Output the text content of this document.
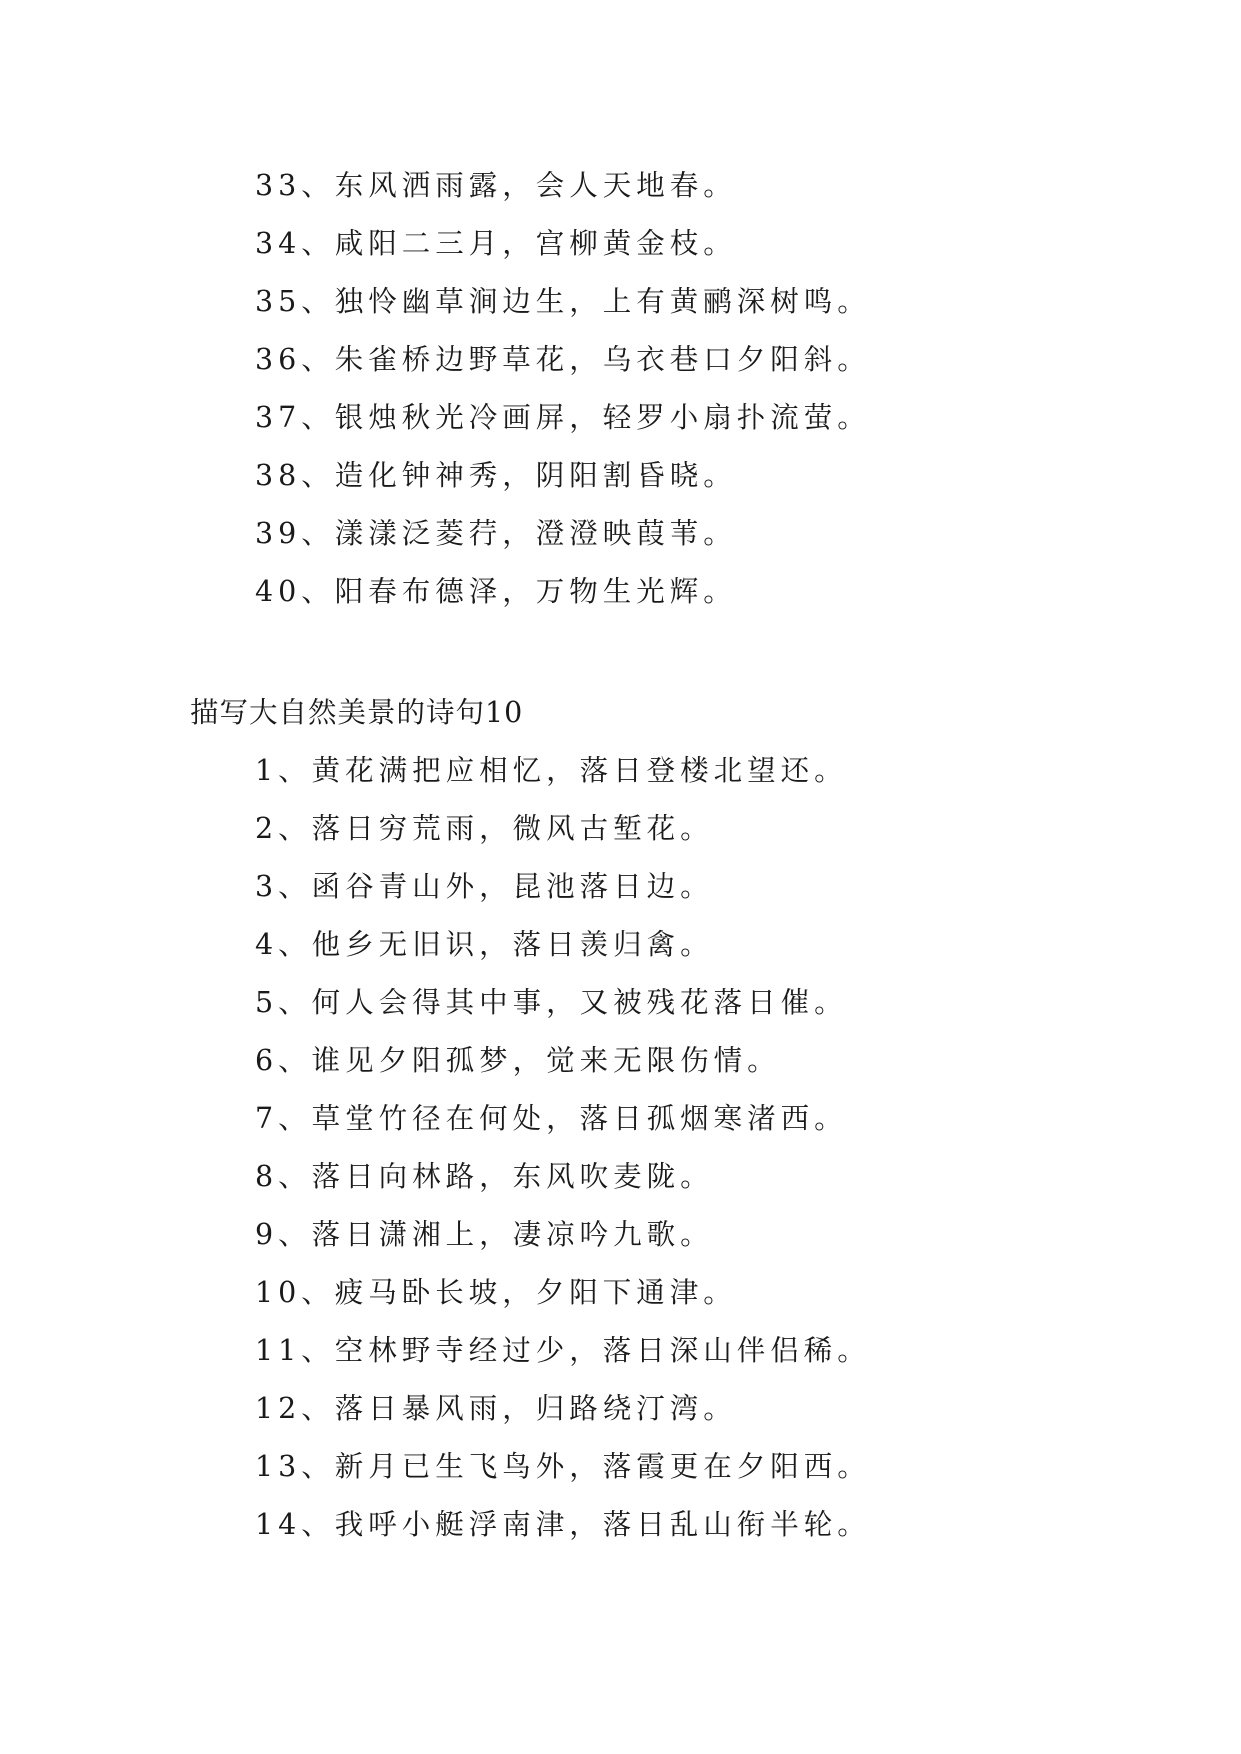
33、东风洒雨露，会人天地春。
34、咸阳二三月，宫柳黄金枝。
35、独怜幽草涧边生，上有黄鹂深树鸣。
36、朱雀桥边野草花，乌衣巷口夕阳斜。
37、银烛秋光冷画屏，轻罗小扇扑流萤。
38、造化钟神秀，阴阳割昏晓。
39、漾漾泛菱荇，澄澄映葭苇。
40、阳春布德泽，万物生光辉。
描写大自然美景的诗句10
1、黄花满把应相忆，落日登楼北望还。
2、落日穷荒雨，微风古堑花。
3、函谷青山外，昆池落日边。
4、他乡无旧识，落日羡归禽。
5、何人会得其中事，又被残花落日催。
6、谁见夕阳孤梦，觉来无限伤情。
7、草堂竹径在何处，落日孤烟寒渚西。
8、落日向林路，东风吹麦陇。
9、落日潇湘上，凄凉吟九歌。
10、疲马卧长坡，夕阳下通津。
11、空林野寺经过少，落日深山伴侣稀。
12、落日暴风雨，归路绕汀湾。
13、新月已生飞鸟外，落霞更在夕阳西。
14、我呼小艇浮南津，落日乱山衔半轮。
